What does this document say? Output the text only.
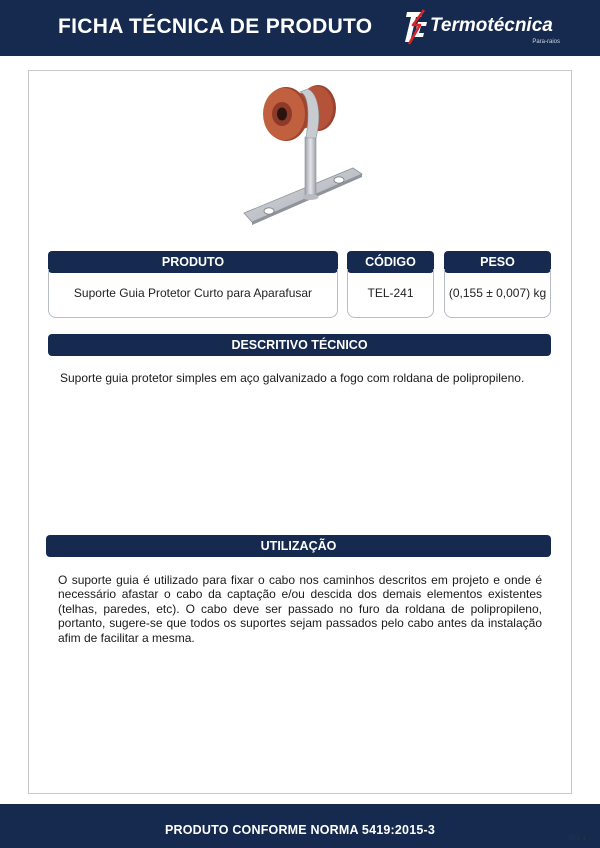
FICHA TÉCNICA DE PRODUTO	Termotécnica
Para-raios
PRODUTO	CÓDIGO	PESO
Suporte Guia Protetor Curto para Aparafusar	TEL-241	(0,155 ± 0,007) kg
DESCRITIVO TÉCNICO
Suporte guia protetor simples em aço galvanizado a fogo com roldana de polipropileno.
UTILIZAÇÃO
O suporte guia é utilizado para fixar o cabo nos caminhos descritos em projeto e onde é necessário afastar o cabo da captação e/ou descida dos demais elementos existentes (telhas, paredes, etc). O cabo deve ser passado no furo da roldana de polipropileno, portanto, sugere-se que todos os suportes sejam passados pelo cabo antes da instalação afim de facilitar a mesma.
PRODUTO CONFORME NORMA 5419:2015-3
REV 1
